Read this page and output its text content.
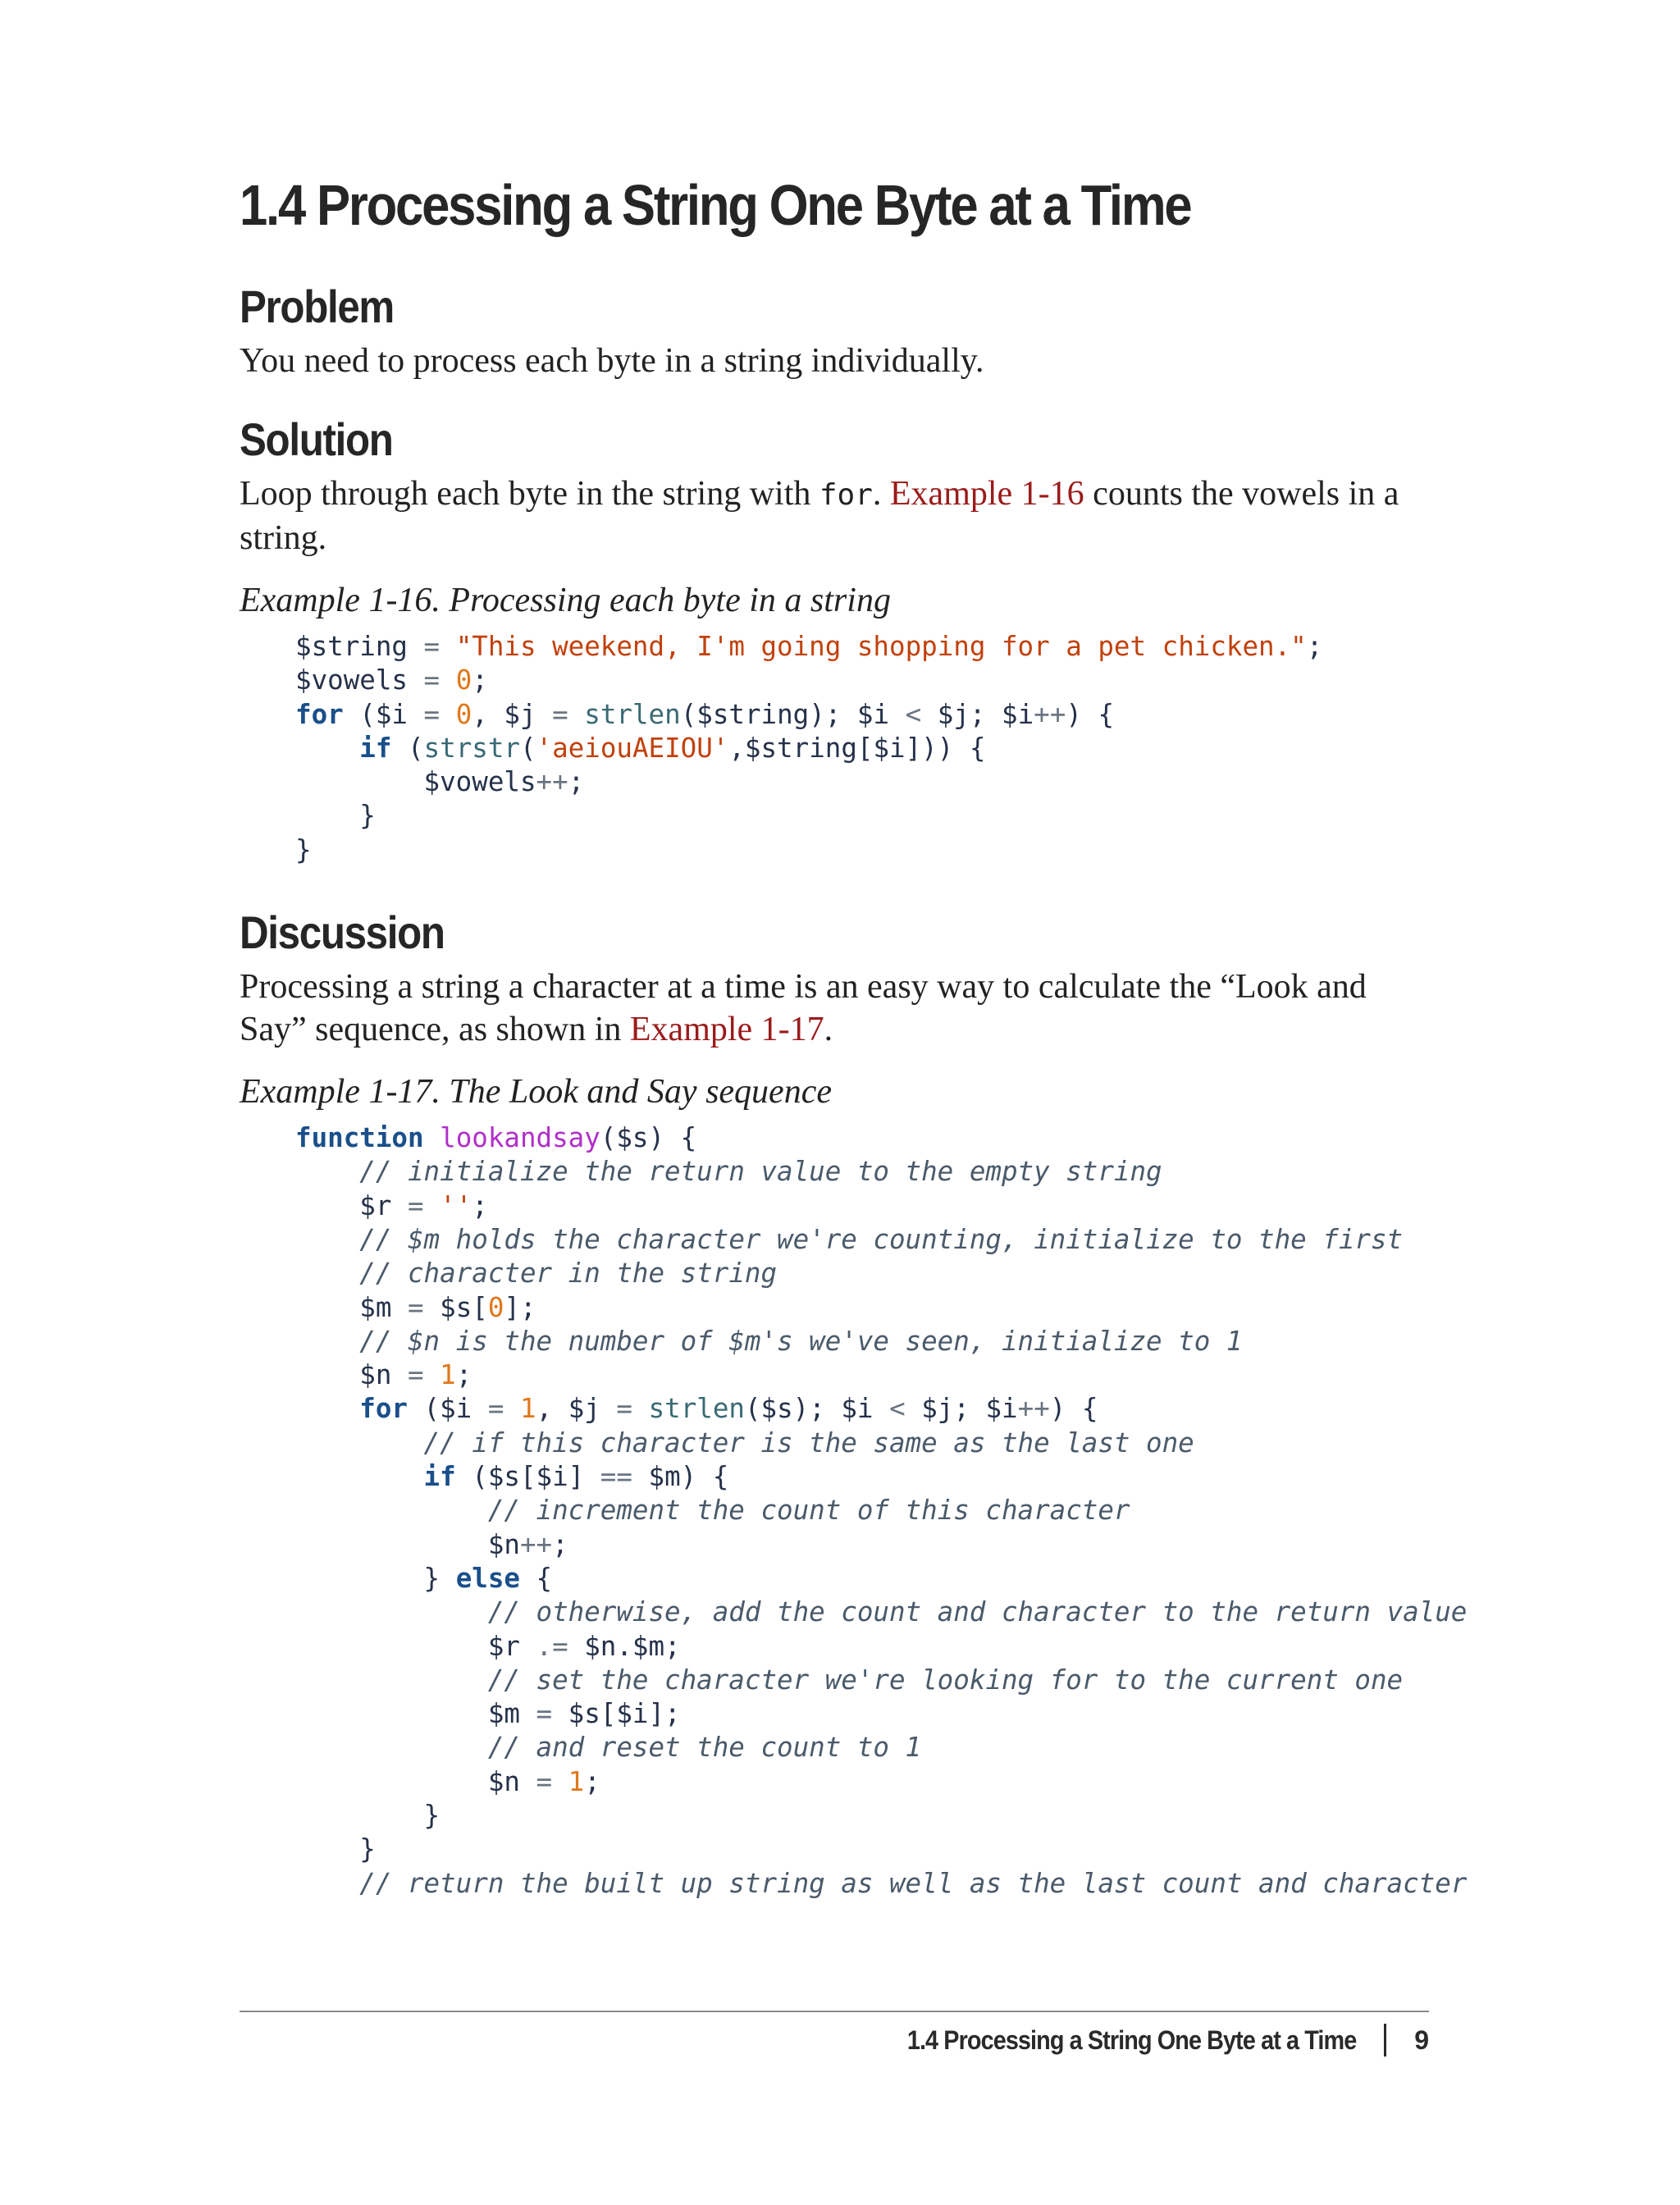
1.4 Processing a String One Byte at a Time
Problem

You need to process each byte in a string individually.

Solution

Loop through each byte in the string with for. Example 1-16 counts the vowels in a string.

Example 1-16. Processing each byte in a string

$string = "This weekend, I'm going shopping for a pet chicken.";
$vowels = 0;
for ($i = 0, $j = strlen($string); $i < $j; $i++) {
if (strstr('aeiouAEIOU',$string[$i])) {
$vowels++;
}
}
Discussion

Processing a string a character at a time is an easy way to calculate the “Look and Say” sequence, as shown in Example 1-17.

Example 1-17. The Look and Say sequence

function lookandsay($s) {
// initialize the return value to the empty string
$r = '';
// $m holds the character we're counting, initialize to the first
// character in the string
$m = $s[0];
// $n is the number of $m's we've seen, initialize to 1
$n = 1;
for ($i = 1, $j = strlen($s); $i < $j; $i++) {
// if this character is the same as the last one
if ($s[$i] == $m) {
// increment the count of this character
$n++;
} else {
// otherwise, add the count and character to the return value
$r .= $n.$m;
// set the character we're looking for to the current one
$m = $s[$i];
// and reset the count to 1
$n = 1;
}
}
// return the built up string as well as the last count and character
1.4 Processing a String One Byte at a Time 9
